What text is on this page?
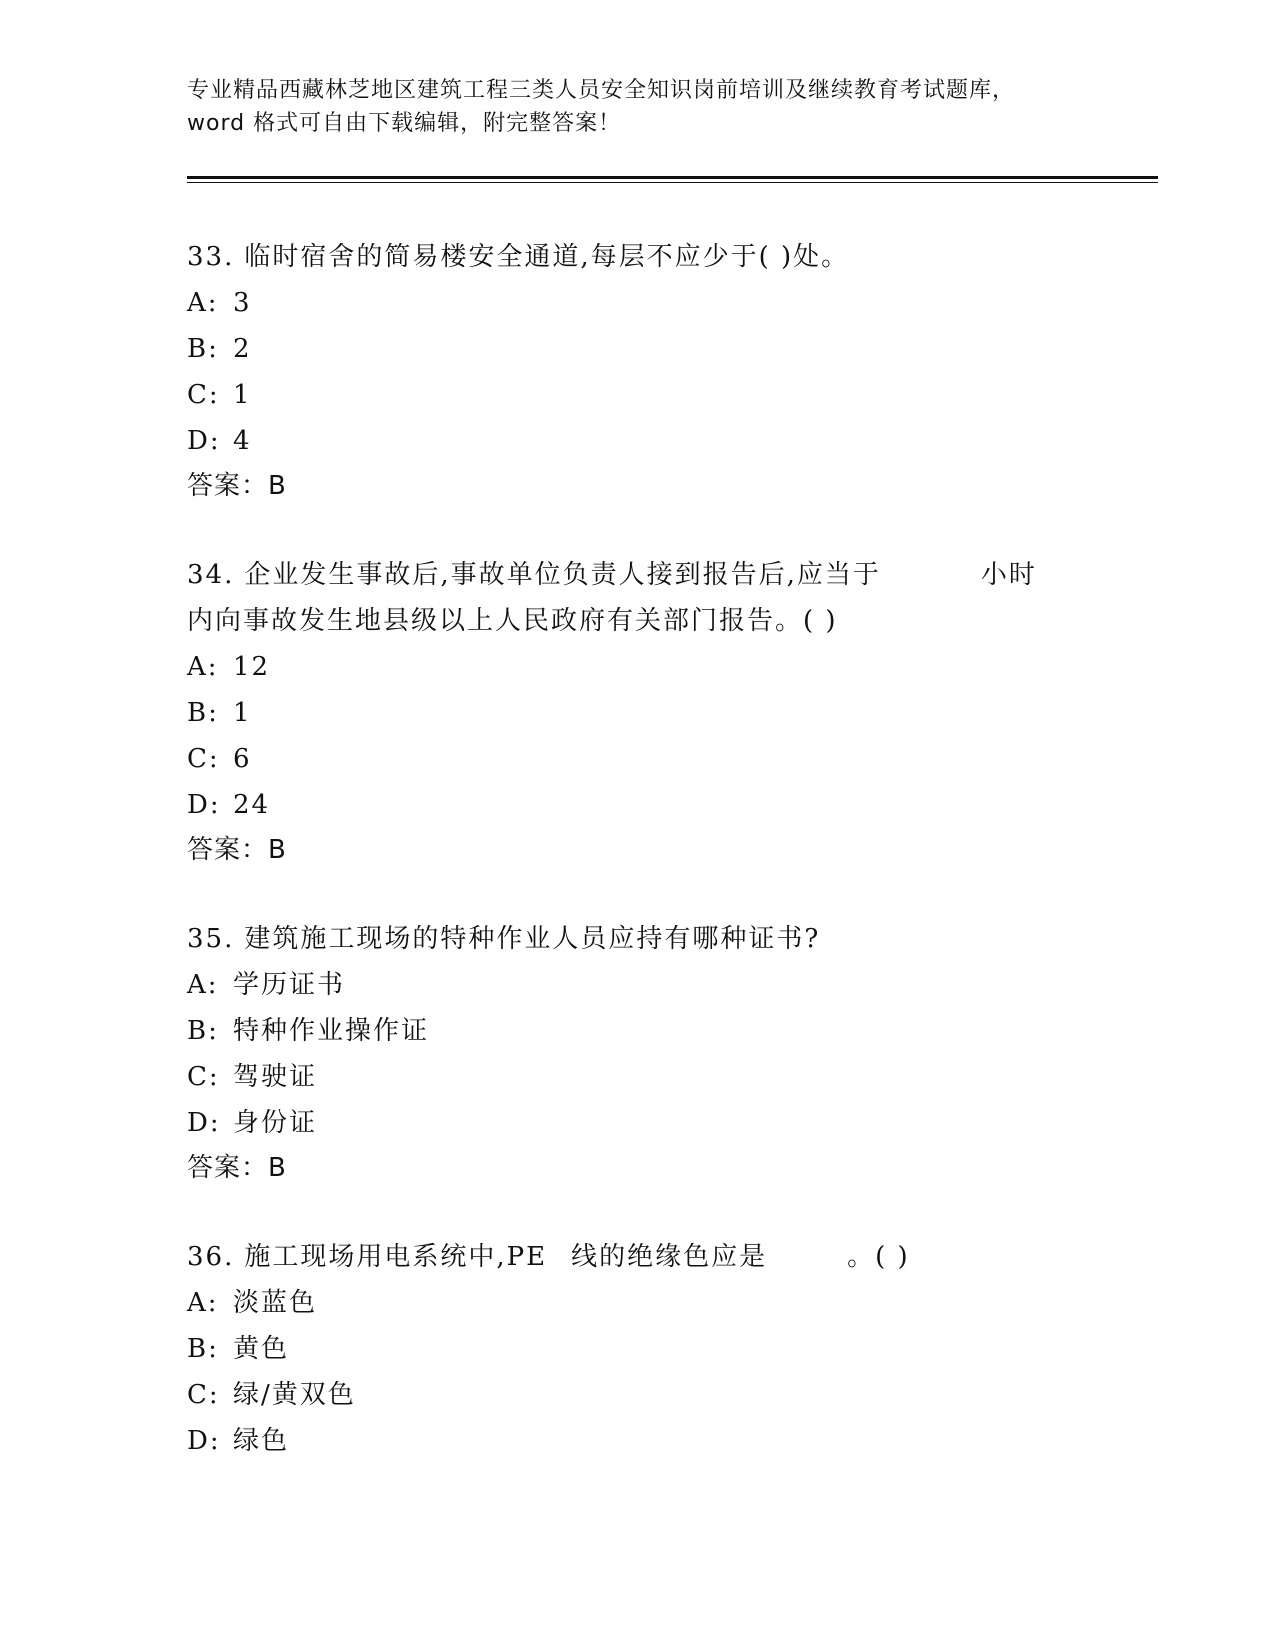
专业精品西藏林芝地区建筑工程三类人员安全知识岗前培训及继续教育考试题库，
word 格式可自由下载编辑，附完整答案！
33. 临时宿舍的简易楼安全通道,每层不应少于( )处。
A: 3
B: 2
C: 1
D: 4
答案：B
34. 企业发生事故后,事故单位负责人接到报告后,应当于	小时
内向事故发生地县级以上人民政府有关部门报告。( )
A: 12
B: 1
C: 6
D: 24
答案：B
35. 建筑施工现场的特种作业人员应持有哪种证书?
A: 学历证书
B: 特种作业操作证
C: 驾驶证
D: 身份证
答案：B
36. 施工现场用电系统中,PE 线的绝缘色应是	。( )
A: 淡蓝色
B: 黄色
C: 绿/黄双色
D: 绿色
